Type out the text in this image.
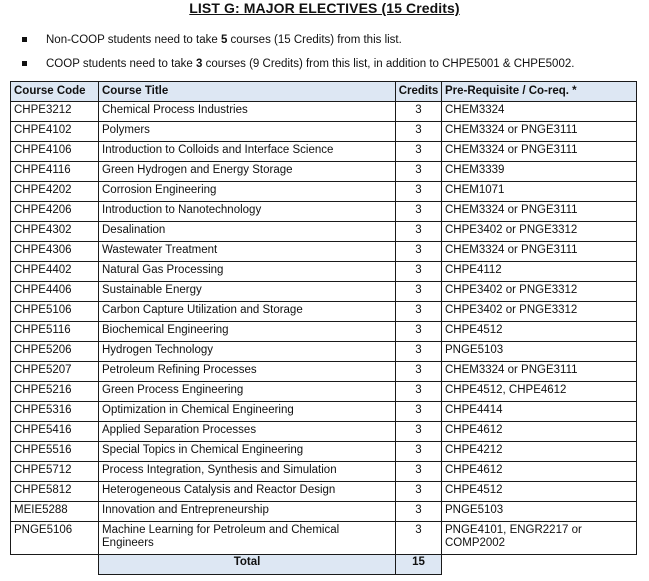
LIST G: MAJOR ELECTIVES (15 Credits)
Non-COOP students need to take 5 courses (15 Credits) from this list.
COOP students need to take 3 courses (9 Credits) from this list, in addition to CHPE5001 & CHPE5002.
Course Code	Course Title	Credits	Pre-Requisite / Co-req. *
CHPE3212	Chemical Process Industries	3	CHEM3324
CHPE4102	Polymers	3	CHEM3324 or PNGE3111
CHPE4106	Introduction to Colloids and Interface Science	3	CHEM3324 or PNGE3111
CHPE4116	Green Hydrogen and Energy Storage	3	CHEM3339
CHPE4202	Corrosion Engineering	3	CHEM1071
CHPE4206	Introduction to Nanotechnology	3	CHEM3324 or PNGE3111
CHPE4302	Desalination	3	CHPE3402 or PNGE3312
CHPE4306	Wastewater Treatment	3	CHEM3324 or PNGE3111
CHPE4402	Natural Gas Processing	3	CHPE4112
CHPE4406	Sustainable Energy	3	CHPE3402 or PNGE3312
CHPE5106	Carbon Capture Utilization and Storage	3	CHPE3402 or PNGE3312
CHPE5116	Biochemical Engineering	3	CHPE4512
CHPE5206	Hydrogen Technology	3	PNGE5103
CHPE5207	Petroleum Refining Processes	3	CHEM3324 or PNGE3111
CHPE5216	Green Process Engineering	3	CHPE4512, CHPE4612
CHPE5316	Optimization in Chemical Engineering	3	CHPE4414
CHPE5416	Applied Separation Processes	3	CHPE4612
CHPE5516	Special Topics in Chemical Engineering	3	CHPE4212
CHPE5712	Process Integration, Synthesis and Simulation	3	CHPE4612
CHPE5812	Heterogeneous Catalysis and Reactor Design	3	CHPE4512
MEIE5288	Innovation and Entrepreneurship	3	PNGE5103
PNGE5106	Machine Learning for Petroleum and Chemical Engineers	3	PNGE4101, ENGR2217 or COMP2002
	Total	15	
